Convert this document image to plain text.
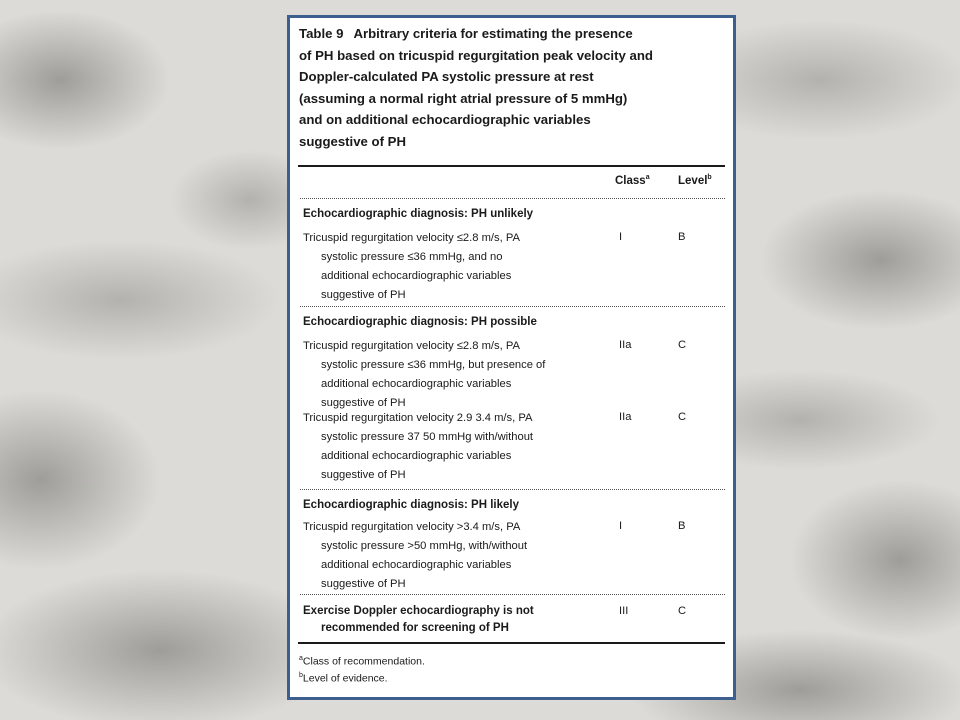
Table 9 Arbitrary criteria for estimating the presence
of PH based on tricuspid regurgitation peak velocity and
Doppler-calculated PA systolic pressure at rest
(assuming a normal right atrial pressure of 5 mmHg)
and on additional echocardiographic variables
suggestive of PH
Class$^a$ Level$^b$
Echocardiographic diagnosis: PH unlikely
Tricuspid regurgitation velocity ≤2.8 m/s, PA
systolic pressure ≤36 mmHg, and no
additional echocardiographic variables
suggestive of PH
I	B
Echocardiographic diagnosis: PH possible
Tricuspid regurgitation velocity ≤2.8 m/s, PA
systolic pressure ≤36 mmHg, but presence of
additional echocardiographic variables
suggestive of PH
IIa	C
Tricuspid regurgitation velocity 2.9 3.4 m/s, PA
systolic pressure 37 50 mmHg with/without
additional echocardiographic variables
suggestive of PH
IIa	C
Echocardiographic diagnosis: PH likely
Tricuspid regurgitation velocity >3.4 m/s, PA
systolic pressure >50 mmHg, with/without
additional echocardiographic variables
suggestive of PH
I	B
Exercise Doppler echocardiography is not
recommended for screening of PH
III	C
$^a$Class of recommendation.
$^b$Level of evidence.
